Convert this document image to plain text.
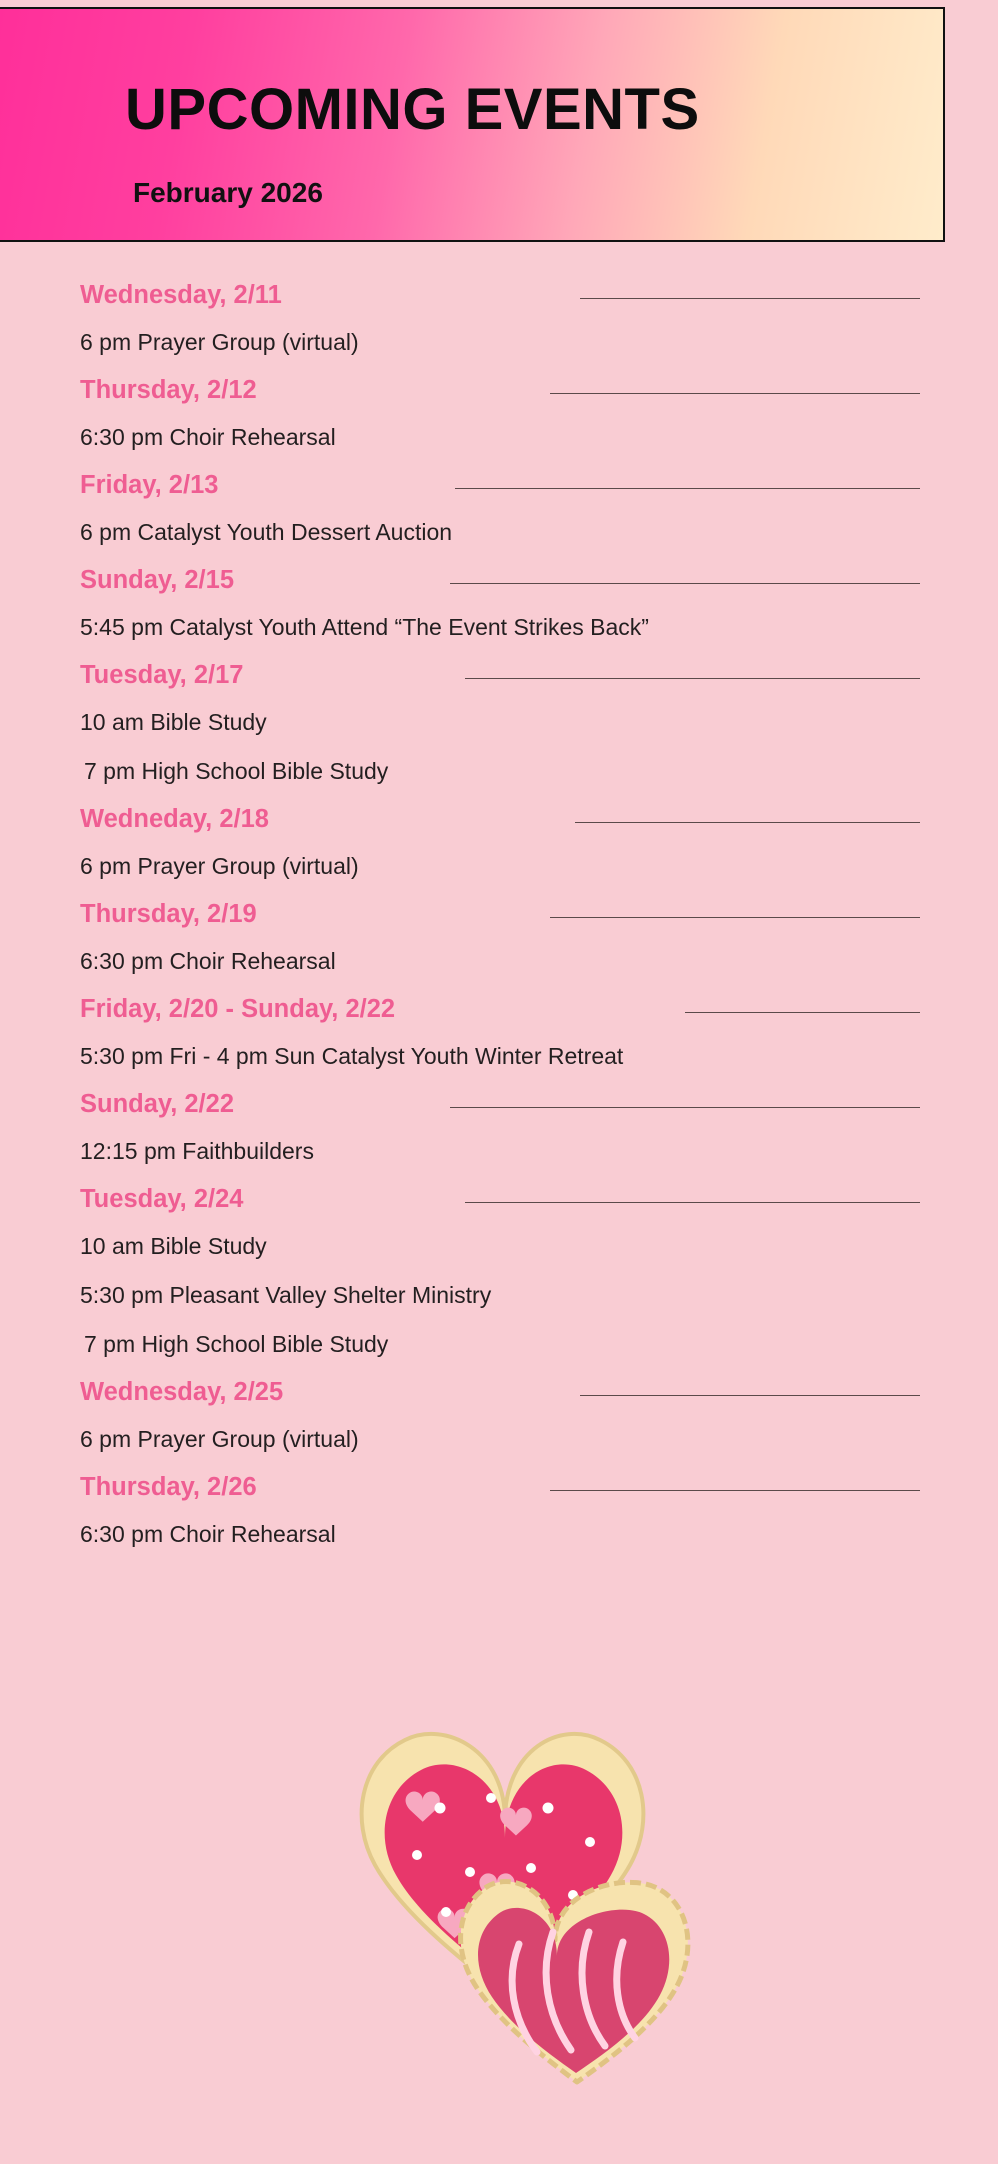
UPCOMING EVENTS
February 2026
Wednesday, 2/11
6 pm Prayer Group (virtual)
Thursday, 2/12
6:30 pm Choir Rehearsal
Friday, 2/13
6 pm Catalyst Youth Dessert Auction
Sunday, 2/15
5:45 pm Catalyst Youth Attend “The Event Strikes Back”
Tuesday, 2/17
10 am Bible Study
7 pm High School Bible Study
Wedneday, 2/18
6 pm Prayer Group (virtual)
Thursday, 2/19
6:30 pm Choir Rehearsal
Friday, 2/20 - Sunday, 2/22
5:30 pm Fri - 4 pm Sun Catalyst Youth Winter Retreat
Sunday, 2/22
12:15 pm Faithbuilders
Tuesday, 2/24
10 am Bible Study
5:30 pm Pleasant Valley Shelter Ministry
7 pm High School Bible Study
Wednesday, 2/25
6 pm Prayer Group (virtual)
Thursday, 2/26
6:30 pm Choir Rehearsal
